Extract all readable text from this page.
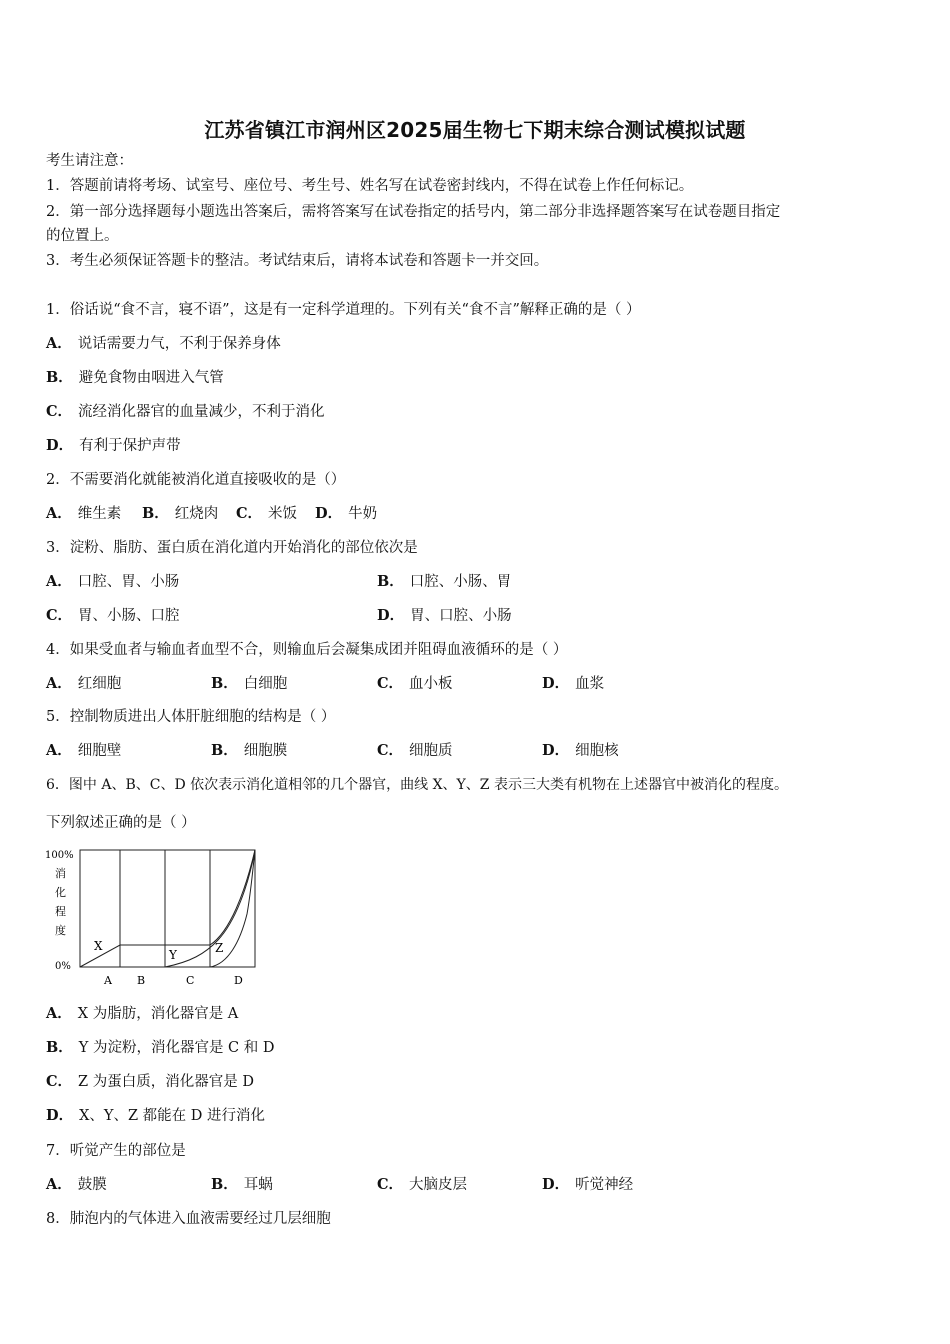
江苏省镇江市润州区2025届生物七下期末综合测试模拟试题
考生请注意：
1．答题前请将考场、试室号、座位号、考生号、姓名写在试卷密封线内，不得在试卷上作任何标记。
2．第一部分选择题每小题选出答案后，需将答案写在试卷指定的括号内，第二部分非选择题答案写在试卷题目指定
的位置上。
3．考生必须保证答题卡的整洁。考试结束后，请将本试卷和答题卡一并交回。
1．俗话说“食不言，寝不语”，这是有一定科学道理的。下列有关“食不言”解释正确的是（ ）
A． 说话需要力气，不利于保养身体
B． 避免食物由咽进入气管
C． 流经消化器官的血量减少，不利于消化
D． 有利于保护声带
2．不需要消化就能被消化道直接吸收的是（）
A． 维生素 B． 红烧肉 C． 米饭 D． 牛奶
3．淀粉、脂肪、蛋白质在消化道内开始消化的部位依次是
A． 口腔、胃、小肠	B． 口腔、小肠、胃
C． 胃、小肠、口腔	D． 胃、口腔、小肠
4．如果受血者与输血者血型不合，则输血后会凝集成团并阻碍血液循环的是（ ）
A． 红细胞	B． 白细胞	C． 血小板	D． 血浆
5．控制物质进出人体肝脏细胞的结构是（ ）
A． 细胞壁	B． 细胞膜	C． 细胞质	D． 细胞核
6．图中 A、B、C、D 依次表示消化道相邻的几个器官，曲线 X、Y、Z 表示三大类有机物在上述器官中被消化的程度。
下列叙述正确的是（ ）
100%
0%
消
化
程
度
X
Y	Z
A B	C	D
A． X 为脂肪，消化器官是 A
B． Y 为淀粉，消化器官是 C 和 D
C． Z 为蛋白质，消化器官是 D
D． X、Y、Z 都能在 D 进行消化
7．听觉产生的部位是
A． 鼓膜	B． 耳蜗	C． 大脑皮层	D． 听觉神经
8．肺泡内的气体进入血液需要经过几层细胞
